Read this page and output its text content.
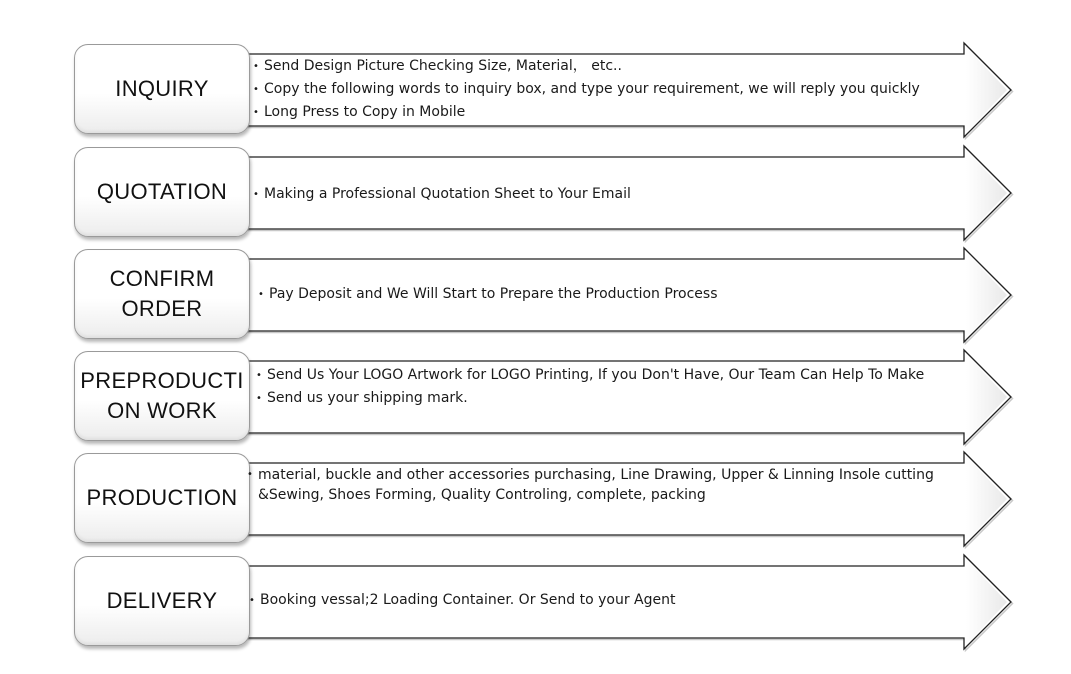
INQUIRY
• Send Design Picture Checking Size, Material， etc..
• Copy the following words to inquiry box, and type your requirement, we will reply you quickly
• Long Press to Copy in Mobile
QUOTATION	• Making a Professional Quotation Sheet to Your Email
CONFIRM
ORDER
• Pay Deposit and We Will Start to Prepare the Production Process
PREPRODUCTI
ON WORK
• Send Us Your LOGO Artwork for LOGO Printing, If you Don't Have, Our Team Can Help To Make
• Send us your shipping mark.
PRODUCTION
• material, buckle and other accessories purchasing, Line Drawing, Upper & Linning Insole cutting &Sewing, Shoes Forming, Quality Controling, complete, packing
DELIVERY	• Booking vessal;2 Loading Container. Or Send to your Agent
